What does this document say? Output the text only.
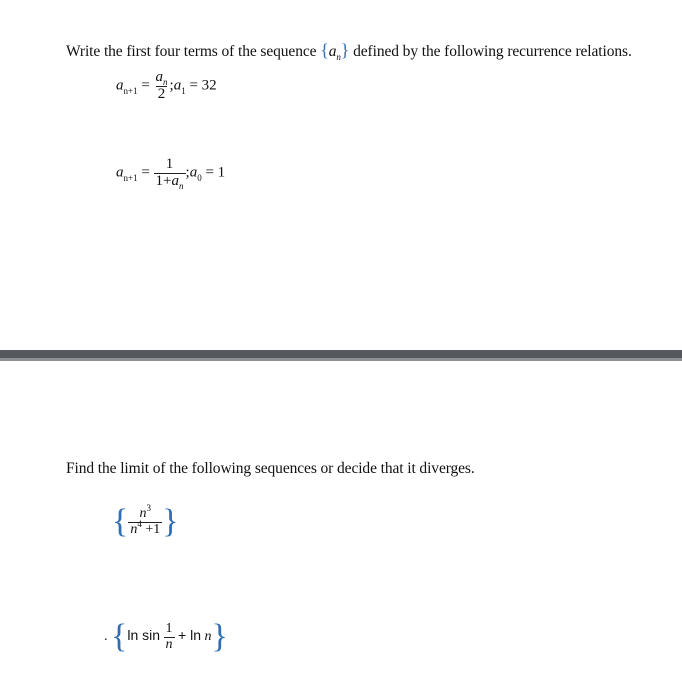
Write the first four terms of the sequence $\{a_n\}$ defined by the following recurrence relations.
$a_{n+1} = \frac{a_n}{2}$ $;a_1 = 32$
$a_{n+1} = \frac{1}{1+a_n}$ $;a_0 = 1$
Find the limit of the following sequences or decide that it diverges.
{ $\frac{n^3}{n^4 +1}$ }
. {ln $\sin \frac{1}{n} + \ln n$}
